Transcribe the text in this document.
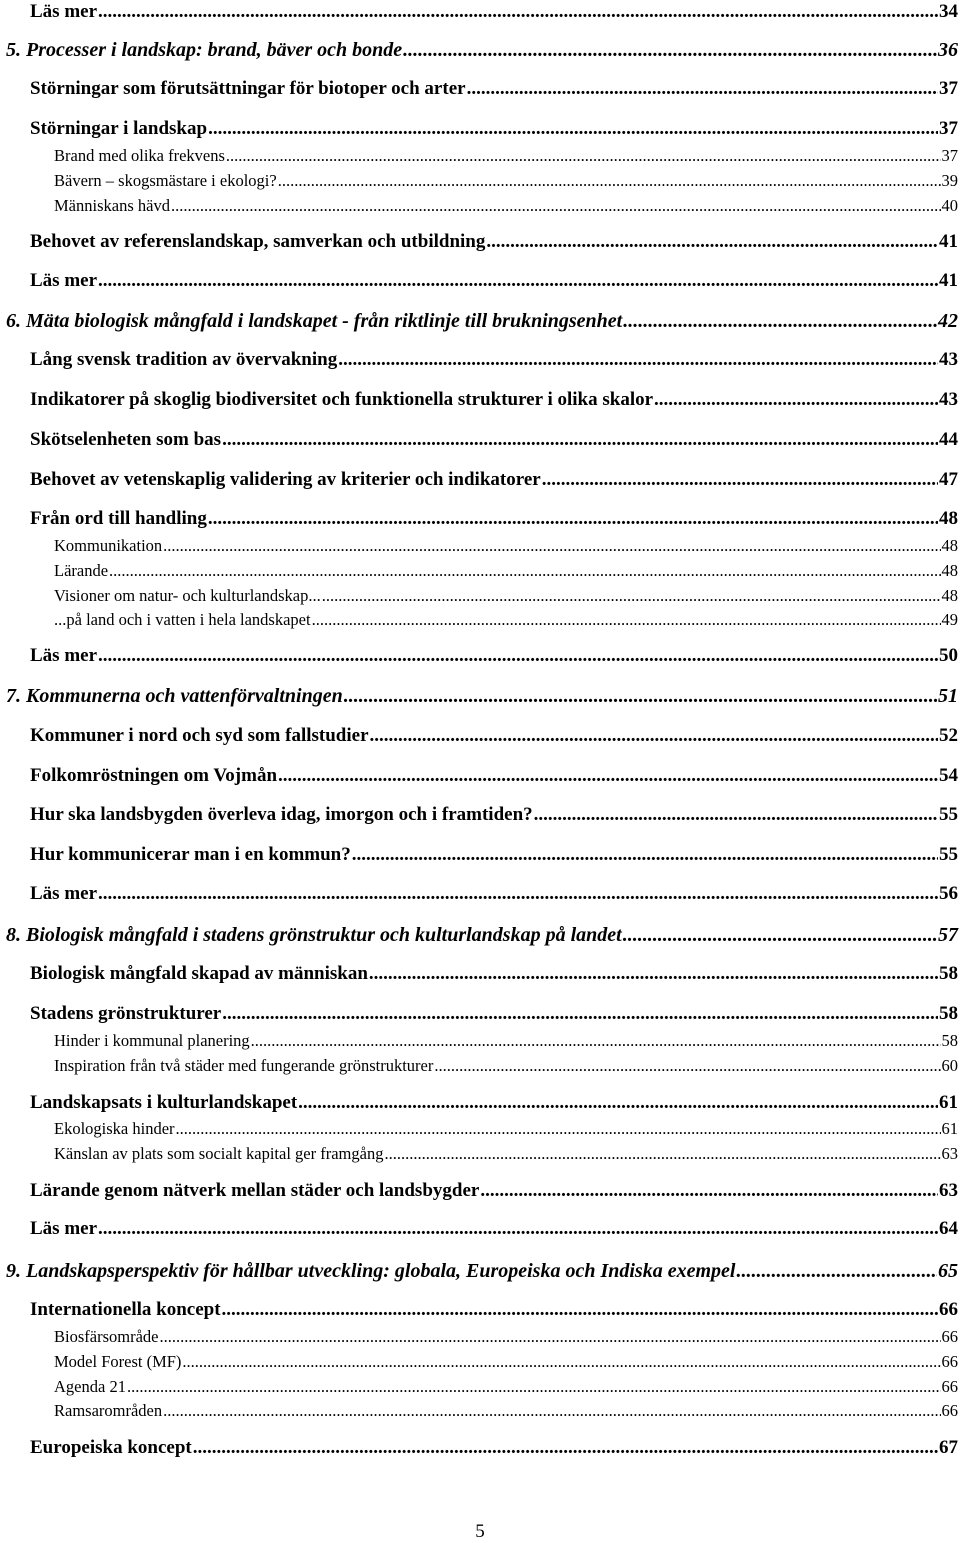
Läs mer .....	34
5. Processer i landskap: brand, bäver och bonde .....	36
Störningar som förutsättningar för biotoper och arter .....	37
Störningar i landskap .....	37
Brand med olika frekvens .....	37
Bävern – skogsmästare i ekologi? .....	39
Människans hävd .....	40
Behovet av referenslandskap, samverkan och utbildning .....	41
Läs mer .....	41
6. Mäta biologisk mångfald i landskapet - från riktlinje till brukningsenhet .....	42
Lång svensk tradition av övervakning .....	43
Indikatorer på skoglig biodiversitet och funktionella strukturer i olika skalor .....	43
Skötselenheten som bas .....	44
Behovet av vetenskaplig validering av kriterier och indikatorer .....	47
Från ord till handling .....	48
Kommunikation .....	48
Lärande .....	48
Visioner om natur- och kulturlandskap... .....	48
...på land och i vatten i hela landskapet .....	49
Läs mer .....	50
7. Kommunerna och vattenförvaltningen .....	51
Kommuner i nord och syd som fallstudier .....	52
Folkomröstningen om Vojmån .....	54
Hur ska landsbygden överleva idag, imorgon och i framtiden? .....	55
Hur kommunicerar man i en kommun? .....	55
Läs mer .....	56
8. Biologisk mångfald i stadens grönstruktur och kulturlandskap på landet .....	57
Biologisk mångfald skapad av människan .....	58
Stadens grönstrukturer .....	58
Hinder i kommunal planering .....	58
Inspiration från två städer med fungerande grönstrukturer .....	60
Landskapsats i kulturlandskapet .....	61
Ekologiska hinder .....	61
Känslan av plats som socialt kapital ger framgång .....	63
Lärande genom nätverk mellan städer och landsbygder .....	63
Läs mer .....	64
9. Landskapsperspektiv för hållbar utveckling: globala, Europeiska och Indiska exempel .....	65
Internationella koncept .....	66
Biosfärsområde .....	66
Model Forest (MF) .....	66
Agenda 21 .....	66
Ramsarområden .....	66
Europeiska koncept .....	67
5
